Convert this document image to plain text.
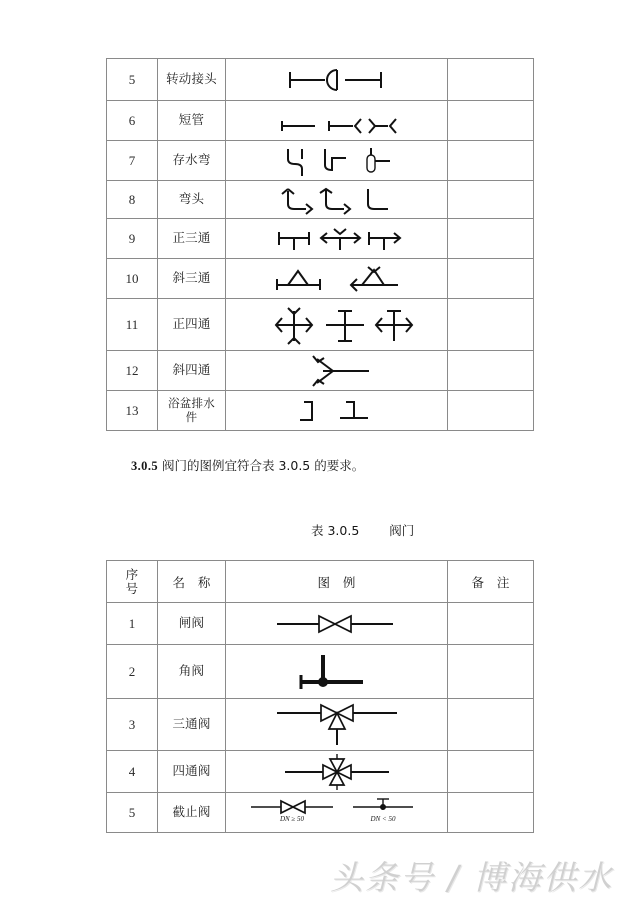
5	转动接头	

6	短管	

7	存水弯	

8	弯头	

9	正三通	

10	斜三通	

11	正四通	

12	斜四通	

13	浴盆排水
件

3.0.5 阀门的图例宜符合表 3.0.5 的要求。
表 3.0.5 阀门
序
号	名　称	图　例	备　注
1	闸阀	

2	角阀	

3	三通阀	

4	四通阀	

5	截止阀	DN ≥ 50 DN < 50	

头条号 / 博海供水
